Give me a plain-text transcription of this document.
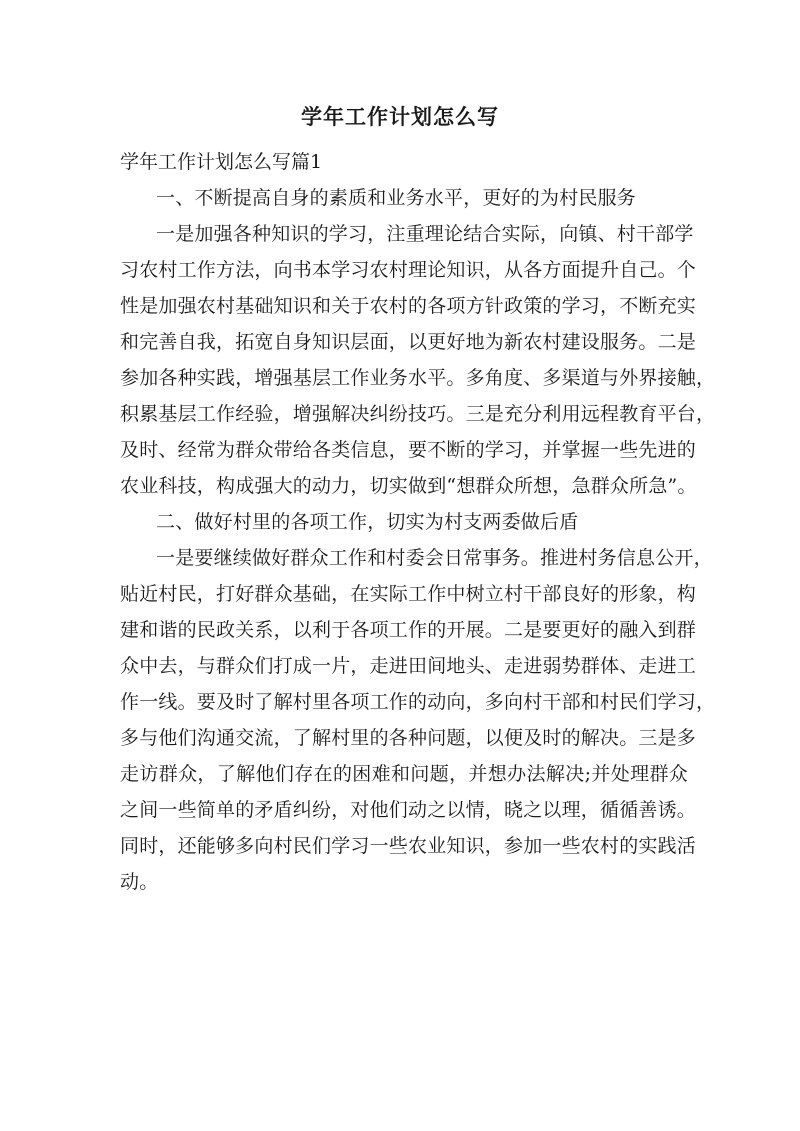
学年工作计划怎么写

学年工作计划怎么写篇1

一、不断提高自身的素质和业务水平，更好的为村民服务

一是加强各种知识的学习，注重理论结合实际，向镇、村干部学

习农村工作方法，向书本学习农村理论知识，从各方面提升自己。个

性是加强农村基础知识和关于农村的各项方针政策的学习，不断充实

和完善自我，拓宽自身知识层面，以更好地为新农村建设服务。二是

参加各种实践，增强基层工作业务水平。多角度、多渠道与外界接触，

积累基层工作经验，增强解决纠纷技巧。三是充分利用远程教育平台，

及时、经常为群众带给各类信息，要不断的学习，并掌握一些先进的

农业科技，构成强大的动力，切实做到“想群众所想，急群众所急”。

二、做好村里的各项工作，切实为村支两委做后盾

一是要继续做好群众工作和村委会日常事务。推进村务信息公开，

贴近村民，打好群众基础，在实际工作中树立村干部良好的形象，构

建和谐的民政关系，以利于各项工作的开展。二是要更好的融入到群

众中去，与群众们打成一片，走进田间地头、走进弱势群体、走进工

作一线。要及时了解村里各项工作的动向，多向村干部和村民们学习，

多与他们沟通交流，了解村里的各种问题，以便及时的解决。三是多

走访群众，了解他们存在的困难和问题，并想办法解决;并处理群众

之间一些简单的矛盾纠纷，对他们动之以情，晓之以理，循循善诱。

同时，还能够多向村民们学习一些农业知识，参加一些农村的实践活

动。
